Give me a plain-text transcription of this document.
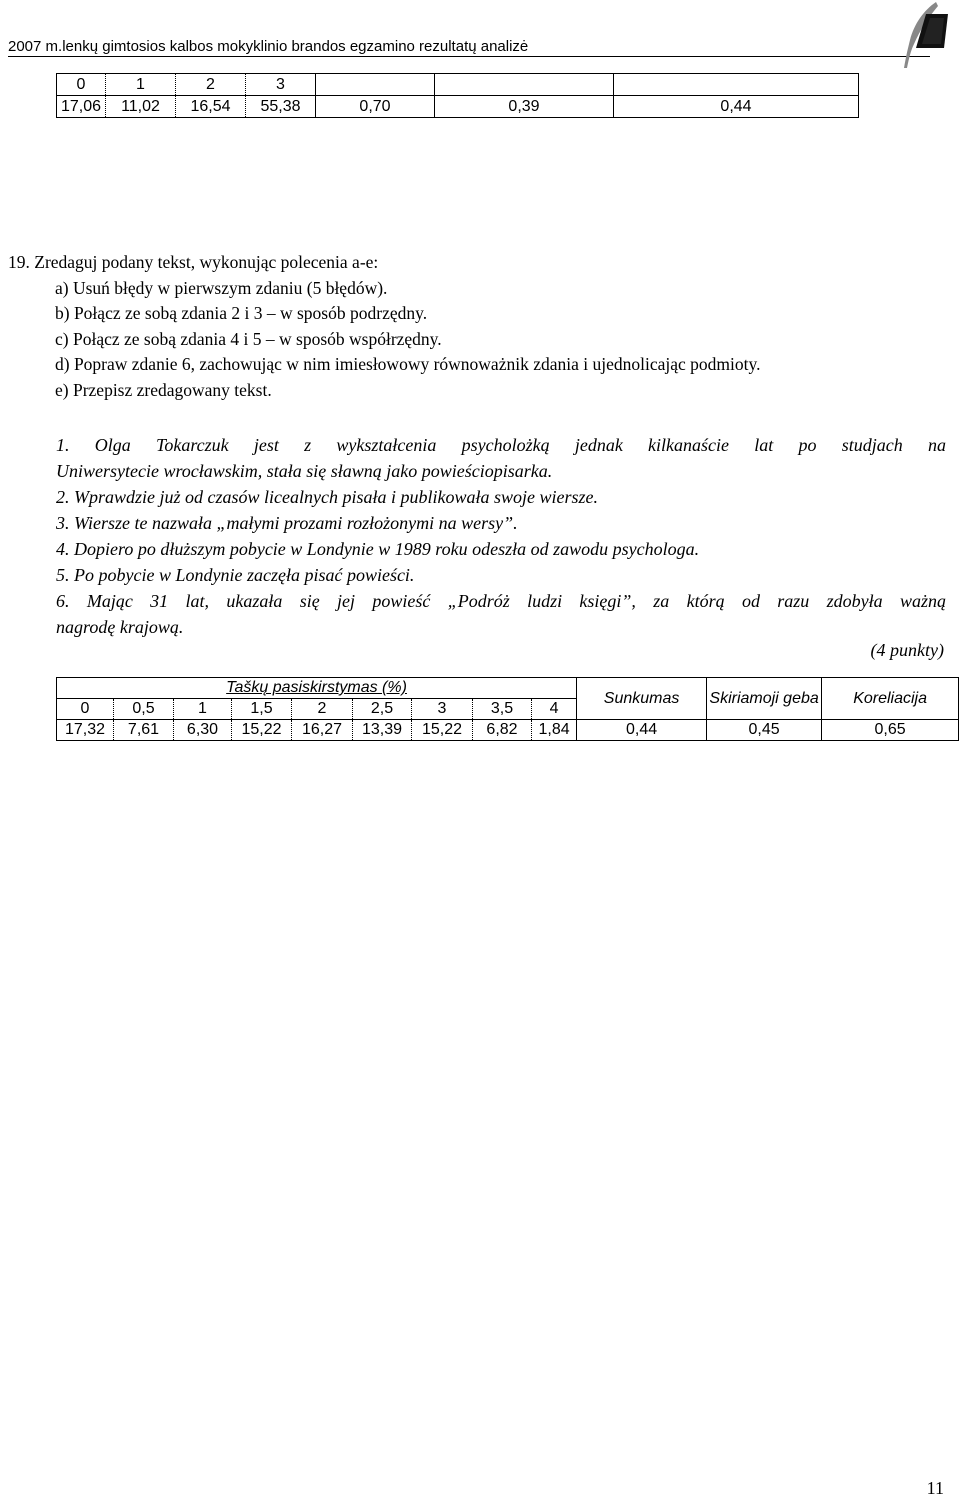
2007 m.lenkų gimtosios kalbos mokyklinio brandos egzamino rezultatų analizė
0	1	2	3			
17,06	11,02	16,54	55,38	0,70	0,39	0,44
19. Zredaguj podany tekst, wykonując polecenia a-e:
a) Usuń błędy w pierwszym zdaniu (5 błędów).
b) Połącz ze sobą zdania 2 i 3 – w sposób podrzędny.
c) Połącz ze sobą zdania 4 i 5 – w sposób współrzędny.
d) Popraw zdanie 6, zachowując w nim imiesłowowy równoważnik zdania i ujednolicając podmioty.
e) Przepisz zredagowany tekst.

1. Olga Tokarczuk jest z wykształcenia psycholożką jednak kilkanaście lat po studjach na

Uniwersytecie wrocławskim, stała się sławną jako powieściopisarka.

2. Wprawdzie już od czasów licealnych pisała i publikowała swoje wiersze.

3. Wiersze te nazwała „małymi prozami rozłożonymi na wersy”.

4. Dopiero po dłuższym pobycie w Londynie w 1989 roku odeszła od zawodu psychologa.

5. Po pobycie w Londynie zaczęła pisać powieści.

6. Mając 31 lat, ukazała się jej powieść „Podróż ludzi księgi”, za którą od razu zdobyła ważną

nagrodę krajową.

(4 punkty)
Taškų pasiskirstymas (%)									Sunkumas	Skiriamoji geba	Koreliacija
0	0,5	1	1,5	2	2,5	3	3,5	4			
17,32	7,61	6,30	15,22	16,27	13,39	15,22	6,82	1,84	0,44	0,45	0,65
11
